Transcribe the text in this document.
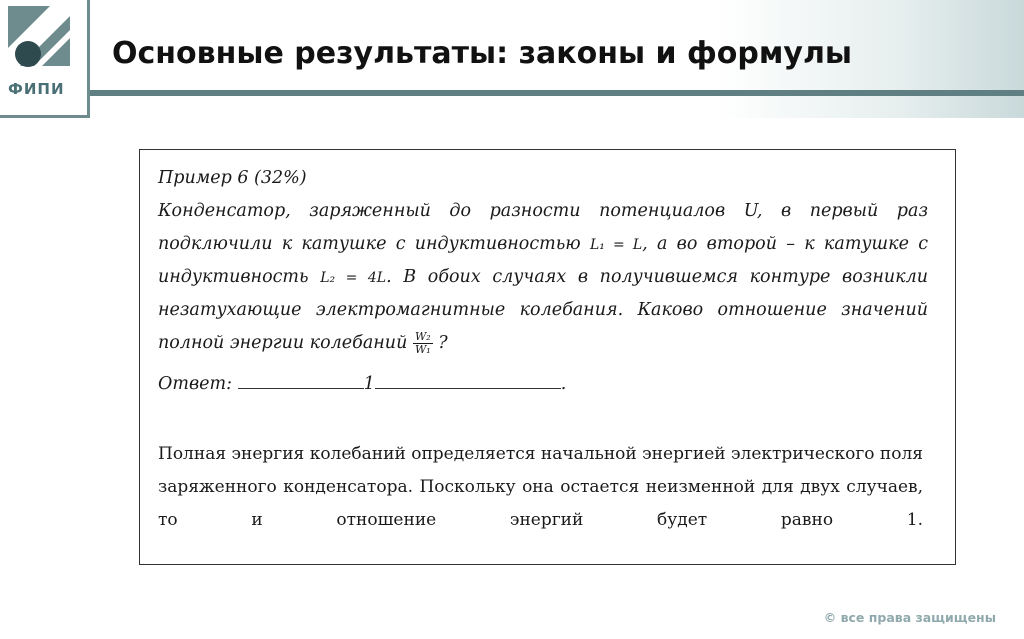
ФИПИ
Основные результаты: законы и формулы
Пример 6 (32%)
Конденсатор, заряженный до разности потенциалов U, в первый раз
подключили к катушке с индуктивностью L₁ = L, а во второй – к катушке с
индуктивность L₂ = 4L. В обоих случаях в получившемся контуре возникли
незатухающие электромагнитные колебания. Каково отношение значений
полной энергии колебаний $\frac{\text{W₂}}{\text{W₁}}$ ?
Ответ:	1	.
Полная энергия колебаний определяется начальной энергией электрического поля заряженного конденсатора. Поскольку она остается неизменной для двух случаев, то и отношение энергий будет равно 1.
© все права защищены
